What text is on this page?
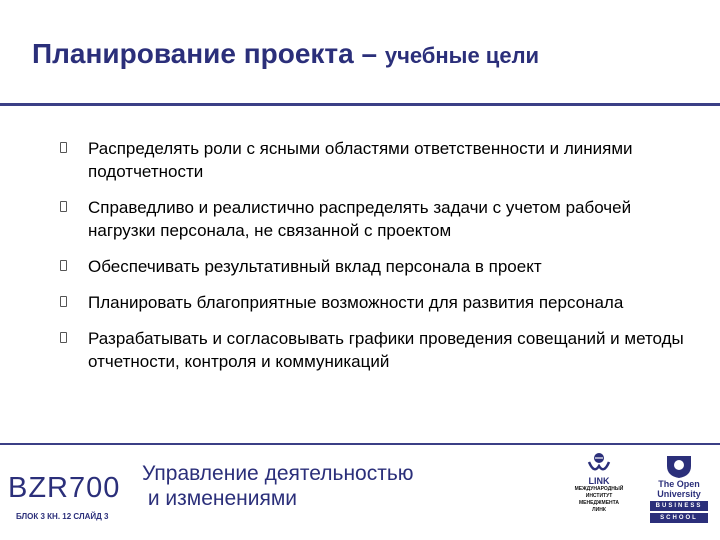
Планирование проекта – учебные цели
Распределять роли с ясными областями ответственности и линиями подотчетности
Справедливо и реалистично распределять задачи с учетом рабочей нагрузки персонала, не связанной с проектом
Обеспечивать результативный вклад персонала в проект
Планировать благоприятные возможности для развития персонала
Разрабатывать и согласовывать графики проведения совещаний и методы отчетности, контроля и коммуникаций
BZR700 Управление деятельностью
и изменениями
БЛОК 3 КН. 12 СЛАЙД 3
LINK
МЕЖДУНАРОДНЫЙ
ИНСТИТУТ
МЕНЕДЖМЕНТА
ЛИНК
The Open
University
BUSINESS
SCHOOL
